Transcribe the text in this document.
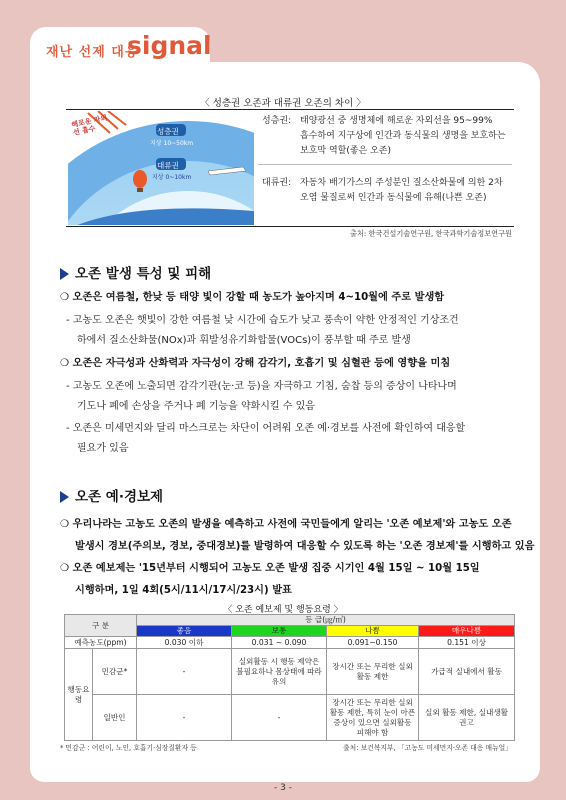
재난 선제 대응
signal
〈 성층권 오존과 대류권 오존의 차이 〉
해로운 자외선 흡수	성층권
지상 10~50km
대류권
지상 0~10km
성층권: 태양광선 중 생명체에 해로운 자외선을 95~99%
흡수하여 지구상에 인간과 동식물의 생명을 보호하는
보호막 역할(좋은 오존)
대류권: 자동차 배기가스의 주성분인 질소산화물에 의한 2차
오염 물질로써 인간과 동식물에 유해(나쁜 오존)
출처: 한국건설기술연구원, 한국과학기술정보연구원
오존 발생 특성 및 피해
❍ 오존은 여름철, 한낮 등 태양 빛이 강할 때 농도가 높아지며 4~10월에 주로 발생함
- 고농도 오존은 햇빛이 강한 여름철 낮 시간에 습도가 낮고 풍속이 약한 안정적인 기상조건
하에서 질소산화물(NOx)과 휘발성유기화합물(VOCs)이 풍부할 때 주로 발생
❍ 오존은 자극성과 산화력과 자극성이 강해 감각기, 호흡기 및 심혈관 등에 영향을 미침
- 고농도 오존에 노출되면 감각기관(눈·코 등)을 자극하고 기침, 숨찹 등의 증상이 나타나며
기도나 폐에 손상을 주거나 폐 기능을 약화시킬 수 있음
- 오존은 미세먼지와 달리 마스크로는 차단이 어려워 오존 예·경보를 사전에 확인하여 대응할
필요가 있음
오존 예·경보제
❍ 우리나라는 고농도 오존의 발생을 예측하고 사전에 국민들에게 알리는 '오존 예보제'와 고농도 오존
발생시 경보(주의보, 경보, 중대경보)를 발령하여 대응할 수 있도록 하는 '오존 경보제'를 시행하고 있음
❍ 오존 예보제는 '15년부터 시행되어 고농도 오존 발생 집중 시기인 4월 15일 ~ 10월 15일
시행하며, 1일 4회(5시/11시/17시/23시) 발표
〈 오존 예보제 및 행동요령 〉
구 분		등 급(㎍/㎥)			
		좋음	보통	나쁨	매우나쁨
예측농도(ppm)		0.030 이하	0.031 ~ 0.090	0.091~0.150	0.151 이상
행동요령	민감군*	-	실외활동 시 행동 제약은 불필요하나 몸상태에 따라 유의	장시간 또는 무리한 실외활동 제한	가급적 실내에서 활동
	일반인	-	-	장시간 또는 무리한 실외활동 제한, 특히 눈이 아픈 증상이 있으면 실외활동 피해야 함	실외 활동 제한, 실내생활 권고
* 민감군 : 어린이, 노인, 호흡기·심장질환자 등	출처: 보건복지부, 「고농도 미세먼지·오존 대응 매뉴얼」
- 3 -
